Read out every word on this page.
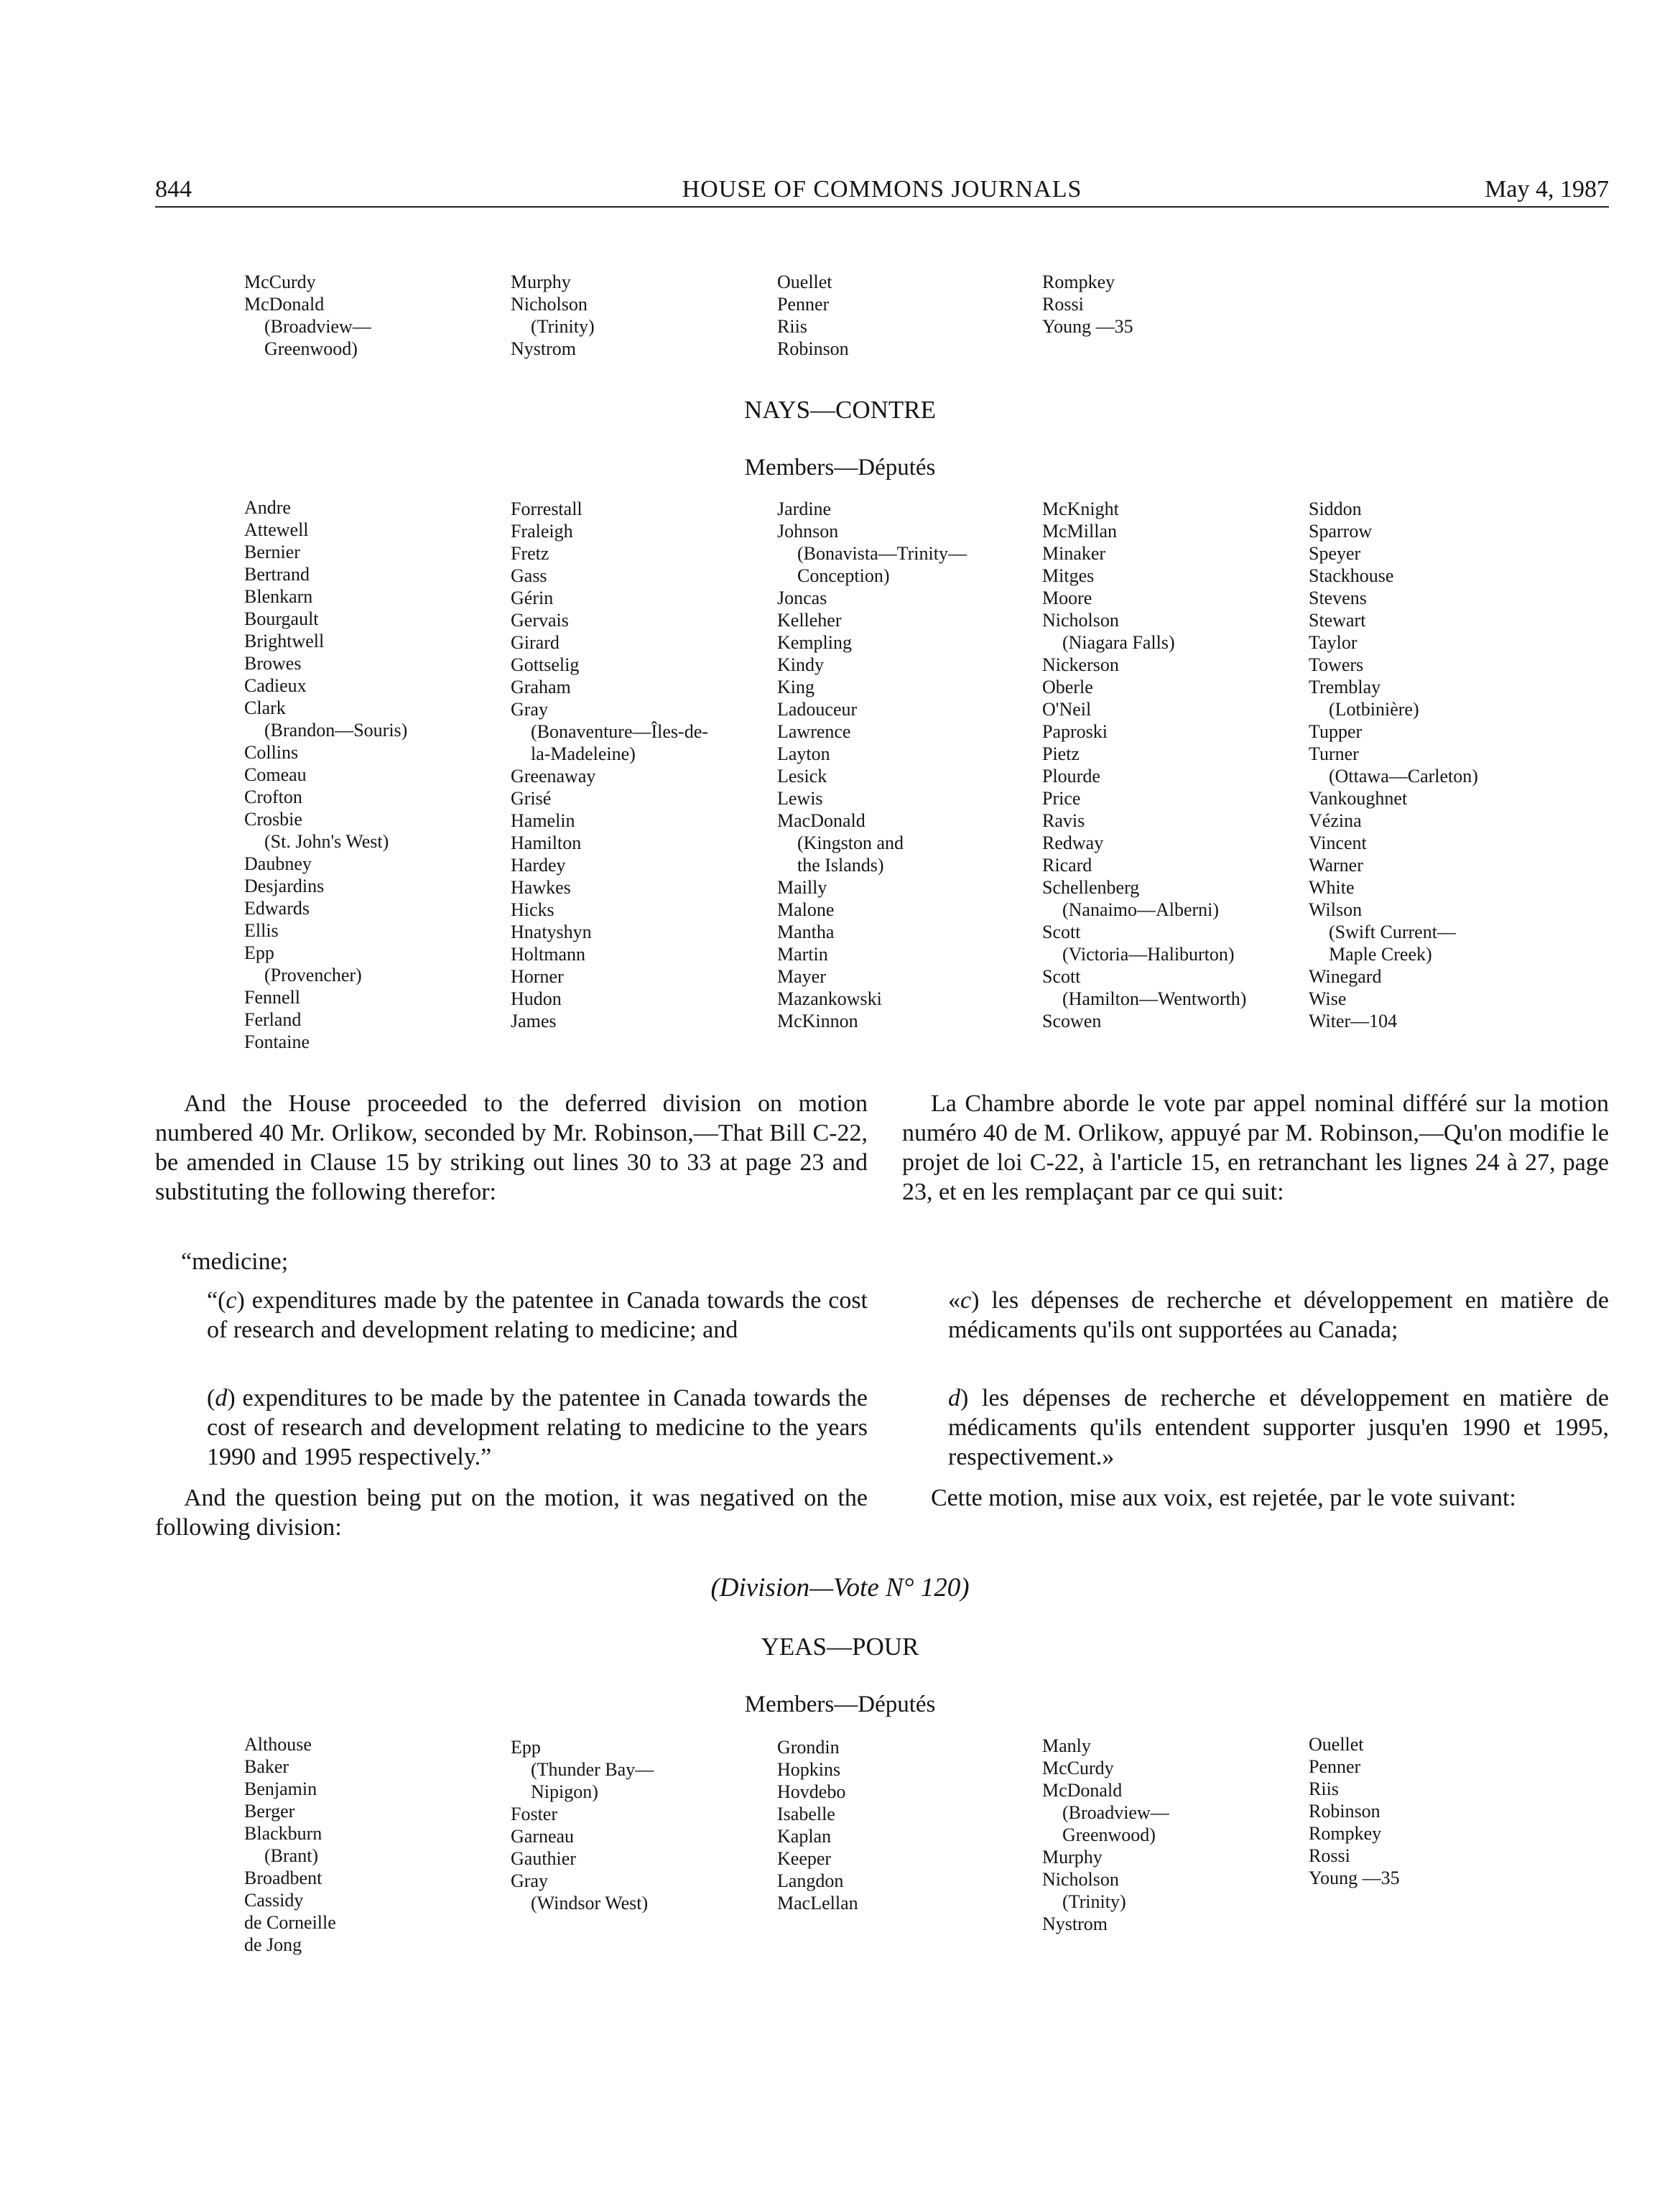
844	HOUSE OF COMMONS JOURNALS	May 4, 1987
McCurdy
McDonald
(Broadview—
Greenwood)
Murphy
Nicholson
(Trinity)
Nystrom
Ouellet
Penner
Riis
Robinson
Rompkey
Rossi
Young —35
NAYS—CONTRE
Members—Députés
Andre
Attewell
Bernier
Bertrand
Blenkarn
Bourgault
Brightwell
Browes
Cadieux
Clark
(Brandon—Souris)
Collins
Comeau
Crofton
Crosbie
(St. John's West)
Daubney
Desjardins
Edwards
Ellis
Epp
(Provencher)
Fennell
Ferland
Fontaine
Forrestall
Fraleigh
Fretz
Gass
Gérin
Gervais
Girard
Gottselig
Graham
Gray
(Bonaventure—Îles-de-
la-Madeleine)
Greenaway
Grisé
Hamelin
Hamilton
Hardey
Hawkes
Hicks
Hnatyshyn
Holtmann
Horner
Hudon
James
Jardine
Johnson
(Bonavista—Trinity—
Conception)
Joncas
Kelleher
Kempling
Kindy
King
Ladouceur
Lawrence
Layton
Lesick
Lewis
MacDonald
(Kingston and
the Islands)
Mailly
Malone
Mantha
Martin
Mayer
Mazankowski
McKinnon
McKnight
McMillan
Minaker
Mitges
Moore
Nicholson
(Niagara Falls)
Nickerson
Oberle
O'Neil
Paproski
Pietz
Plourde
Price
Ravis
Redway
Ricard
Schellenberg
(Nanaimo—Alberni)
Scott
(Victoria—Haliburton)
Scott
(Hamilton—Wentworth)
Scowen
Siddon
Sparrow
Speyer
Stackhouse
Stevens
Stewart
Taylor
Towers
Tremblay
(Lotbinière)
Tupper
Turner
(Ottawa—Carleton)
Vankoughnet
Vézina
Vincent
Warner
White
Wilson
(Swift Current—
Maple Creek)
Winegard
Wise
Witer—104
And the House proceeded to the deferred division on motion numbered 40 Mr. Orlikow, seconded by Mr. Robinson,—That Bill C-22, be amended in Clause 15 by striking out lines 30 to 33 at page 23 and substituting the following therefor:
La Chambre aborde le vote par appel nominal différé sur la motion numéro 40 de M. Orlikow, appuyé par M. Robinson,—Qu'on modifie le projet de loi C-22, à l'article 15, en retranchant les lignes 24 à 27, page 23, et en les remplaçant par ce qui suit:
“medicine;
“(c) expenditures made by the patentee in Canada towards the cost of research and development relating to medicine; and
«c) les dépenses de recherche et développement en matière de médicaments qu'ils ont supportées au Canada;
(d) expenditures to be made by the patentee in Canada towards the cost of research and development relating to medicine to the years 1990 and 1995 respectively.”
d) les dépenses de recherche et développement en matière de médicaments qu'ils entendent supporter jusqu'en 1990 et 1995, respectivement.»
And the question being put on the motion, it was negatived on the following division:
Cette motion, mise aux voix, est rejetée, par le vote suivant:
(Division—Vote N° 120)
YEAS—POUR
Members—Députés
Althouse
Baker
Benjamin
Berger
Blackburn
(Brant)
Broadbent
Cassidy
de Corneille
de Jong
Epp
(Thunder Bay—
Nipigon)
Foster
Garneau
Gauthier
Gray
(Windsor West)
Grondin
Hopkins
Hovdebo
Isabelle
Kaplan
Keeper
Langdon
MacLellan
Manly
McCurdy
McDonald
(Broadview—
Greenwood)
Murphy
Nicholson
(Trinity)
Nystrom
Ouellet
Penner
Riis
Robinson
Rompkey
Rossi
Young —35
